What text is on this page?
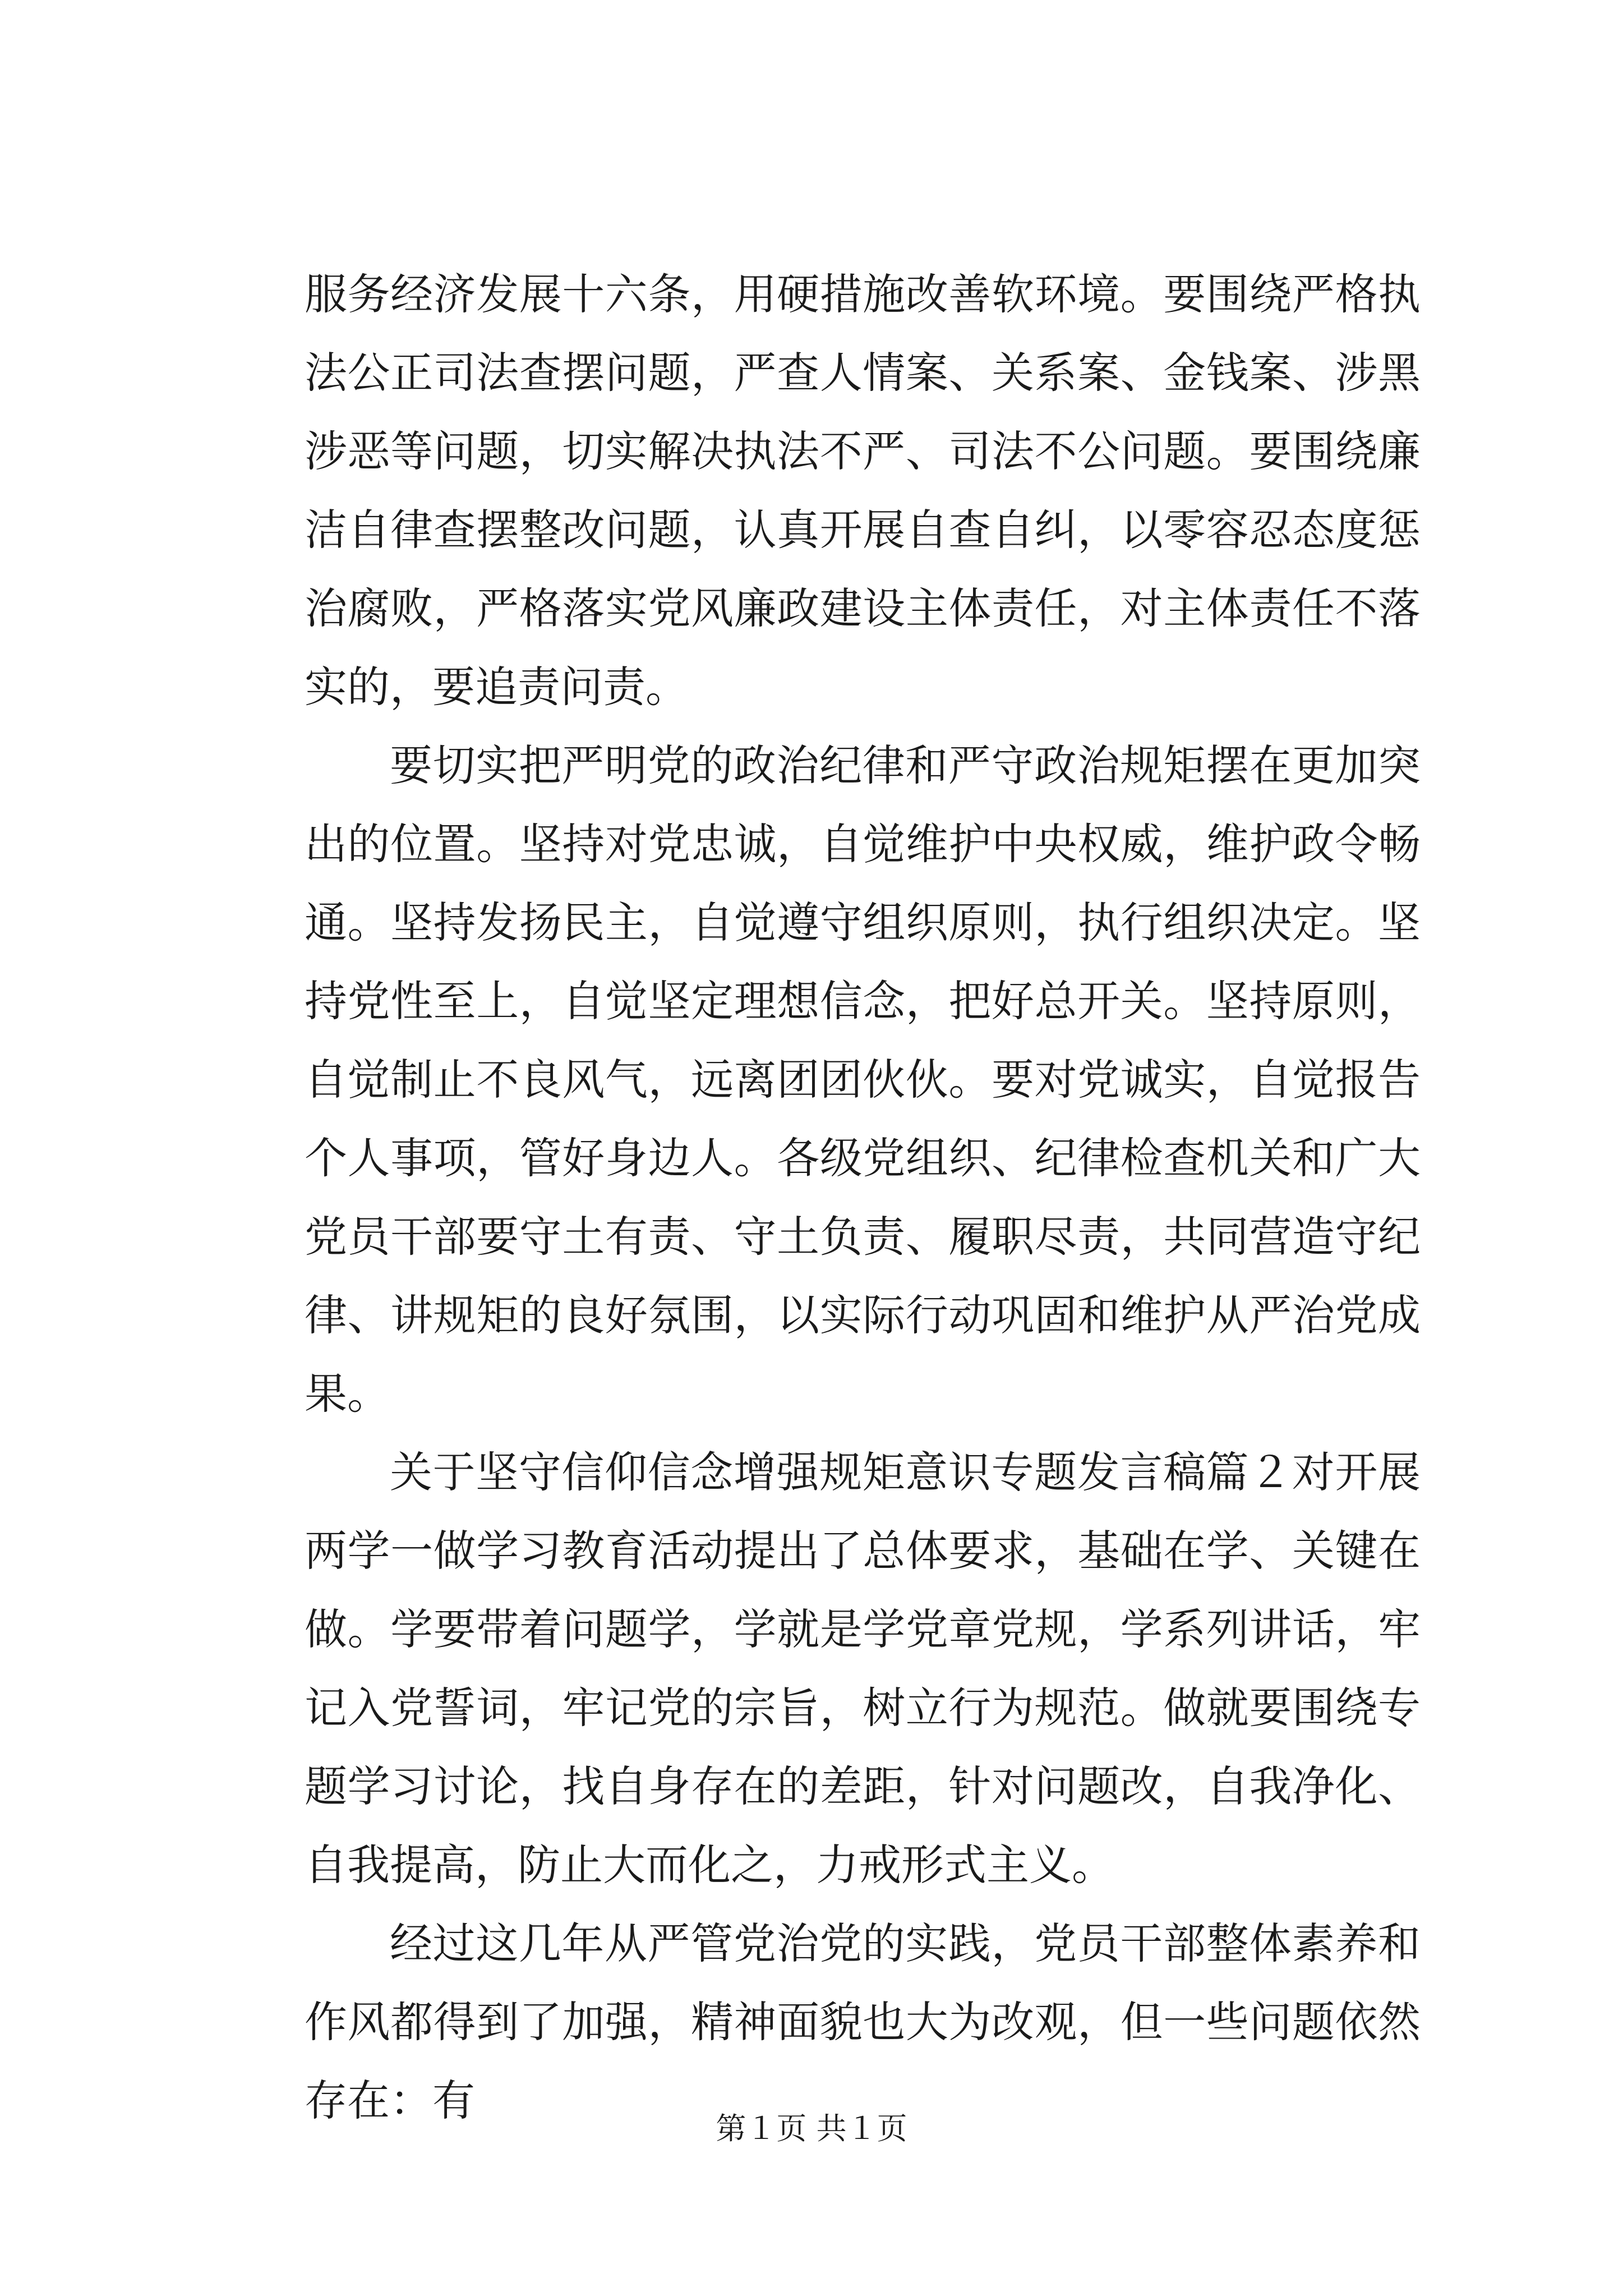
服务经济发展十六条，用硬措施改善软环境。要围绕严格执法公正司法查摆问题，严查人情案、关系案、金钱案、涉黑涉恶等问题，切实解决执法不严、司法不公问题。要围绕廉洁自律查摆整改问题，认真开展自查自纠，以零容忍态度惩治腐败，严格落实党风廉政建设主体责任，对主体责任不落实的，要追责问责。

要切实把严明党的政治纪律和严守政治规矩摆在更加突出的位置。坚持对党忠诚，自觉维护中央权威，维护政令畅通。坚持发扬民主，自觉遵守组织原则，执行组织决定。坚持党性至上，自觉坚定理想信念，把好总开关。坚持原则，自觉制止不良风气，远离团团伙伙。要对党诚实，自觉报告个人事项，管好身边人。各级党组织、纪律检查机关和广大党员干部要守土有责、守土负责、履职尽责，共同营造守纪律、讲规矩的良好氛围，以实际行动巩固和维护从严治党成果。

关于坚守信仰信念增强规矩意识专题发言稿篇２对开展两学一做学习教育活动提出了总体要求，基础在学、关键在做。学要带着问题学，学就是学党章党规，学系列讲话，牢记入党誓词，牢记党的宗旨，树立行为规范。做就要围绕专题学习讨论，找自身存在的差距，针对问题改，自我净化、自我提高，防止大而化之，力戒形式主义。

经过这几年从严管党治党的实践，党员干部整体素养和作风都得到了加强，精神面貌也大为改观，但一些问题依然存在：有

第１页 共１页
